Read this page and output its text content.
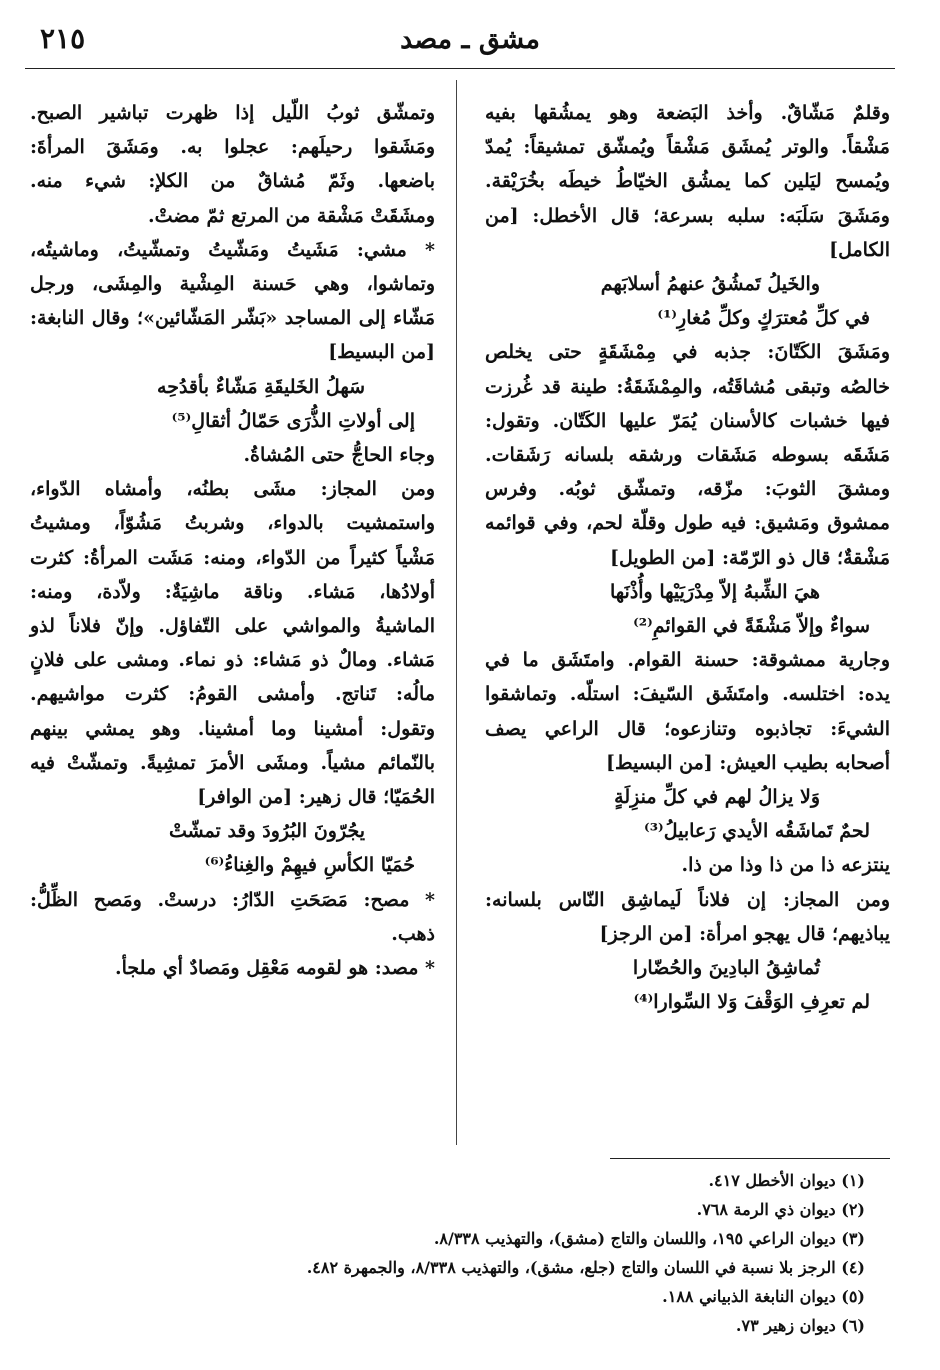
٢١٥	مشق ـ مصد
وقلمٌ مَشّاقٌ. وأخذ البَضعة وهو يمشُقها بفيه
مَشْقاً. والوتر يُمشَق مَشْقاً ويُمشّق تمشيقاً: يُمدّ
ويُمسح ليَلين كما يمشُق الخيّاطُ خيطَه بخُرَيْقة.
ومَشَقَ سَلَبَه: سلبه بسرعة؛ قال الأخطل: [من
الكامل]
والخَيلُ تَمشُقُ عنهمُ أسلابَهم
في كلِّ مُعترَكٍ وكلِّ مُغارِ⁽¹⁾
ومَشَقَ الكَتّانَ: جذبه في مِمْشَقَةٍ حتى يخلص
خالصُه وتبقى مُشاقَتُه، والمِمْشَقَةُ: طينة قد غُرزت
فيها خشبات كالأسنان يُمَرّ عليها الكَتّان. وتقول:
مَشَقَه بسوطه مَشَقات ورشقه بلسانه رَشَقات.
ومشقَ الثوبَ: مزّقه، وتمشّق ثوبُه. وفرس
ممشوق ومَشيق: فيه طول وقلّة لحم، وفي قوائمه
مَشْقةٌ؛ قال ذو الرّمّة: [من الطويل]
هيَ الشِّبهُ إلاّ مِدْرَيَيْها وأُذْنَها
سواءٌ وإلاّ مَشْقَةً في القوائمِ⁽²⁾
وجارية ممشوقة: حسنة القوام. وامتَشَق ما في
يده: اختلسه. وامتَشَق السّيفَ: استلّه. وتماشقوا
الشيءَ: تجاذبوه وتنازعوه؛ قال الراعي يصف
أصحابه بطيب العيش: [من البسيط]
وَلا يزالُ لهم في كلِّ منزِلَةٍ
لحمٌ تَماشَقُه الأيدي رَعابيلُ⁽³⁾
ينتزعه ذا من ذا وذا من ذا.
ومن المجاز: إن فلاناً لَيماشِق النّاس بلسانه:
يباذيهم؛ قال يهجو امرأة: [من الرجز]
تُماشِقُ البادِينَ والحُضّارا
لم تعرِفِ الوَقْفَ وَلا السِّوارا⁽⁴⁾
وتمشّق ثوبُ اللّيل إذا ظهرت تباشير الصبح.
ومَشَقوا رحيلَهم: عجلوا به. ومَشَقَ المرأةَ:
باضعها. وثَمّ مُشاقٌ من الكلإ: شيء منه.
ومشَقَتْ مَشْقة من المرتع ثمّ مضتْ.
* مشي: مَشَيتُ ومَشّيتُ وتمشّيتُ، وماشيتُه،
وتماشوا، وهي حَسنة المِشْية والمِشَى، ورجل
مَشّاء إلى المساجد «بَشّر المَشّائين»؛ وقال النابغة:
[من البسيط]
سَهلُ الخَليقَةِ مَشّاءٌ بأقدُحِه
إلى أولاتِ الذُّرَى حَمّالُ أثقالِ⁽⁵⁾
وجاء الحاجُّ حتى المُشاةُ.
ومن المجاز: مشَى بطنُه، وأمشاه الدّواء،
واستمشيت بالدواء، وشربتُ مَشُوّاً، ومشيتُ
مَشْياً كثيراً من الدّواء، ومنه: مَشَت المرأةُ: كثرت
أولادُها، مَشاء. وناقة ماشِيَةٌ: ولاّدة، ومنه:
الماشيةُ والمواشي على التّفاؤل. وإنّ فلاناً لذو
مَشاء. ومالٌ ذو مَشاء: ذو نماء. ومشى على فلانٍ
مالُه: تَناتج. وأمشى القومُ: كثرت مواشيهم.
وتقول: أمشينا وما أمشينا. وهو يمشي بينهم
بالنّمائم مشياً. ومشَى الأمرَ تمشِيةً. وتمشّتْ فيه
الحُمَيّا؛ قال زهير: [من الوافر]
يجُرّونَ البُرُودَ وقد تمشّتْ
حُمَيّا الكأسِ فيهِمْ والغِناءُ⁽⁶⁾
* مصح: مَصَحَتِ الدّارُ: درستْ. ومَصح الظِّلُّ:
ذهب.
* مصد: هو لقومه مَعْقِل ومَصادٌ أي ملجأ.
(١) ديوان الأخطل ٤١٧.
(٢) ديوان ذي الرمة ٧٦٨.
(٣) ديوان الراعي ١٩٥، واللسان والتاج (مشق)، والتهذيب ٨/٣٣٨.
(٤) الرجز بلا نسبة في اللسان والتاج (جلع، مشق)، والتهذيب ٨/٣٣٨، والجمهرة ٤٨٢.
(٥) ديوان النابغة الذبياني ١٨٨.
(٦) ديوان زهير ٧٣.
